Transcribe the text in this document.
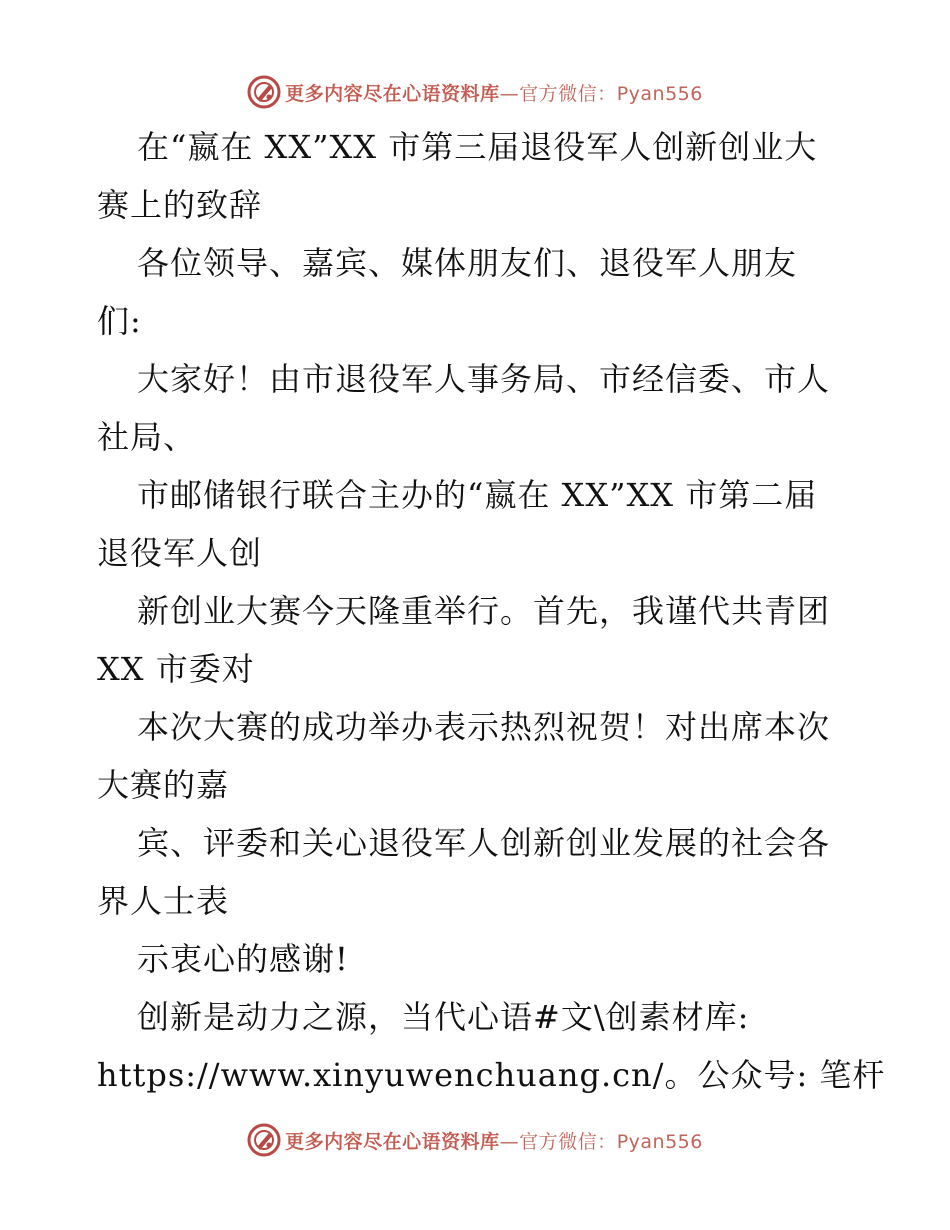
更多内容尽在心语资料库—官方微信：Pyan556
在“嬴在 XX”XX 市第三届退役军人创新创业大
赛上的致辞
各位领导、嘉宾、媒体朋友们、退役军人朋友
们:
大家好！由市退役军人事务局、市经信委、市人
社局、
市邮储银行联合主办的“嬴在 XX”XX 市第二届
退役军人创
新创业大赛今天隆重举行。首先，我谨代共青团
XX 市委对
本次大赛的成功举办表示热烈祝贺！对出席本次
大赛的嘉
宾、评委和关心退役军人创新创业发展的社会各
界人士表
示衷心的感谢!
创新是动力之源，当代心语#文\创素材库:
https://www.xinyuwenchuang.cn/。公众号: 笔杆
更多内容尽在心语资料库—官方微信：Pyan556
